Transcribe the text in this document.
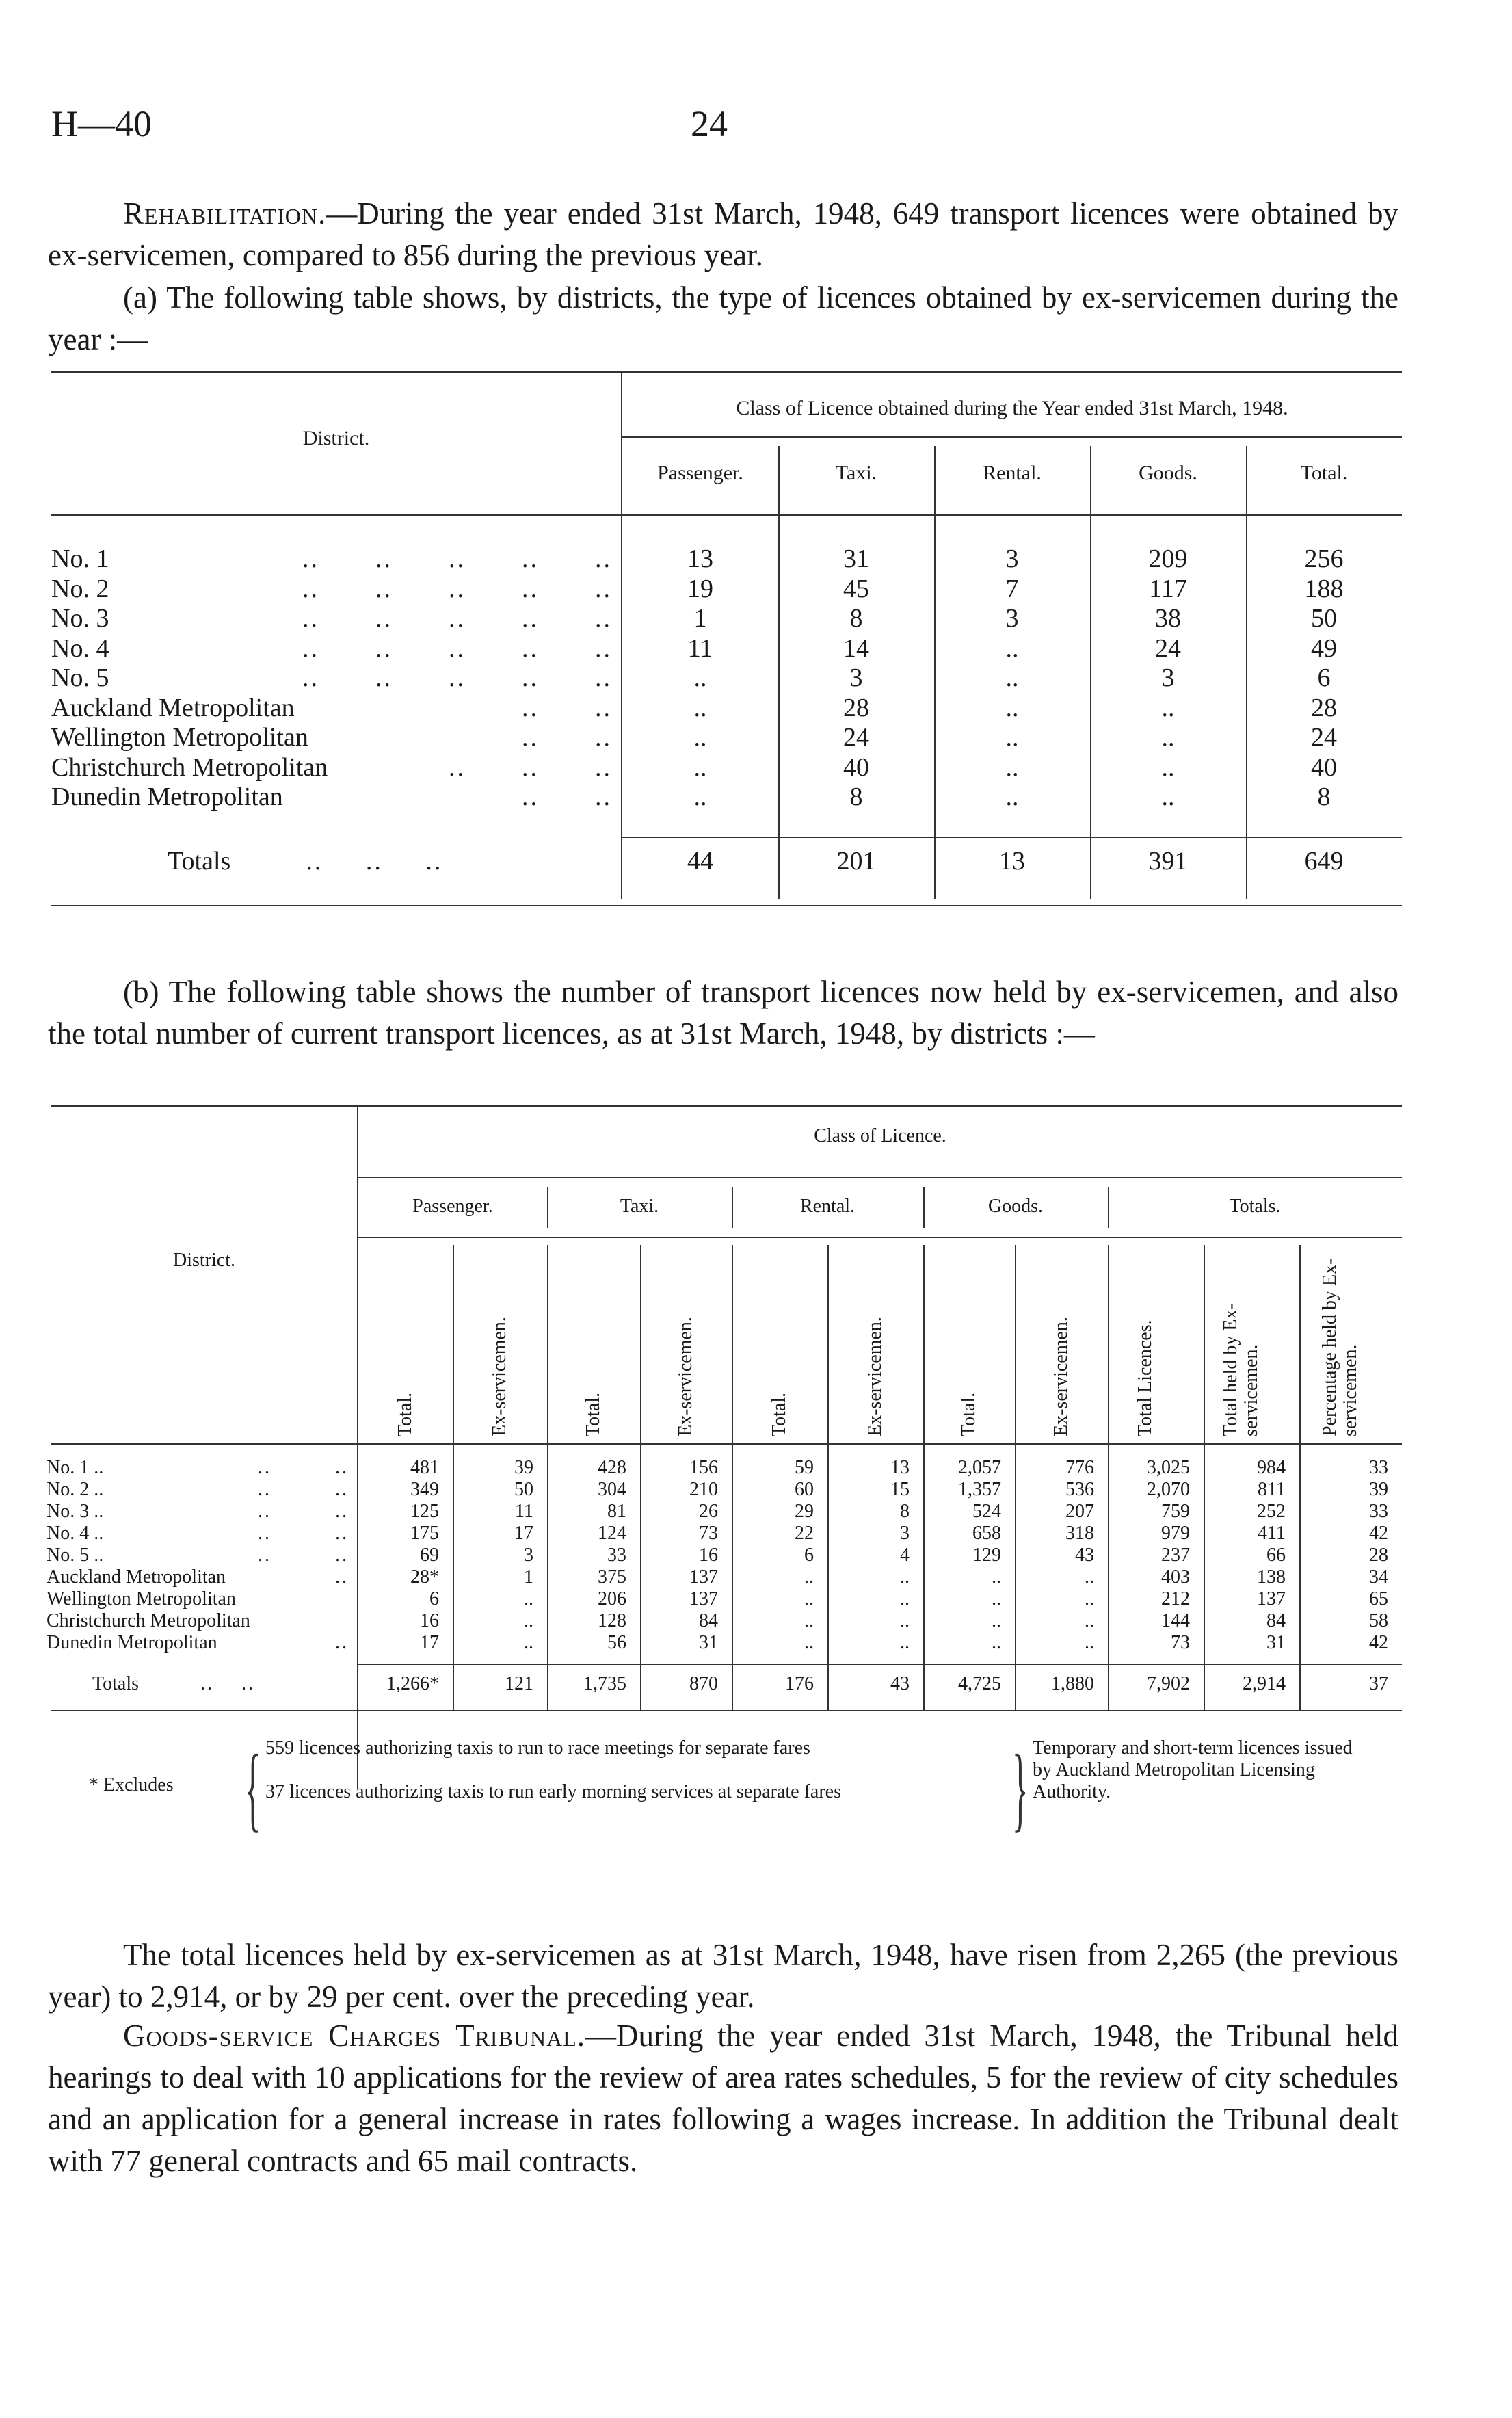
H—40	24
Rehabilitation.—During the year ended 31st March, 1948, 649 transport licences were obtained by ex-servicemen, compared to 856 during the previous year.
(a) The following table shows, by districts, the type of licences obtained by ex-servicemen during the year :—
District.
Class of Licence obtained during the Year ended 31st March, 1948.
Passenger.	Taxi.	Rental.	Goods.	Total.
No. 1	..  ..  ..  ..  ..	13	31	3	209	256
No. 2	..  ..  ..  ..  ..	19	45	7	117	188
No. 3	..  ..  ..  ..  ..	1	8	3	38	50
No. 4	..  ..  ..  ..  ..	11	14	..	24	49
No. 5	..  ..  ..  ..  ..	..	3	..	3	6
Auckland Metropolitan	..  ..	..	28	..	..	28
Wellington Metropolitan	..  ..	..	24	..	..	24
Christchurch Metropolitan	..  ..  ..	..	40	..	..	40
Dunedin Metropolitan	..  ..	..	8	..	..	8
Totals	..     ..     ..	44	201	13	391	649
(b) The following table shows the number of transport licences now held by ex-servicemen, and also the total number of current transport licences, as at 31st March, 1948, by districts :—
District.
Class of Licence.
Passenger.	Taxi.	Rental.	Goods.	Totals.
Total.	Ex-servicemen.	Total.	Ex-servicemen.	Total.	Ex-servicemen.	Total.	Ex-servicemen.	Total Licences.	Total held by Ex-servicemen.	Percentage held by Ex-servicemen.
No. 1 ..	..   ..	481	39	428	156	59	13	2,057	776	3,025	984	33
No. 2 ..	..   ..	349	50	304	210	60	15	1,357	536	2,070	811	39
No. 3 ..	..   ..	125	11	81	26	29	8	524	207	759	252	33
No. 4 ..	..   ..	175	17	124	73	22	3	658	318	979	411	42
No. 5 ..	..   ..	69	3	33	16	6	4	129	43	237	66	28
Auckland Metropolitan	..	28*	1	375	137	..	..	..	..	403	138	34
Wellington Metropolitan	6	..	206	137	..	..	..	..	212	137	65
Christchurch Metropolitan	16	..	128	84	..	..	..	..	144	84	58
Dunedin Metropolitan	..	17	..	56	31	..	..	..	..	73	31	42
Totals	..    ..	1,266*	121	1,735	870	176	43	4,725	1,880	7,902	2,914	37
* Excludes { 559 licences authorizing taxis to run to race meetings for separate fares
37 licences authorizing taxis to run early morning services at separate fares	} Temporary and short-term licences issued by Auckland Metropolitan Licensing Authority.
The total licences held by ex-servicemen as at 31st March, 1948, have risen from 2,265 (the previous year) to 2,914, or by 29 per cent. over the preceding year.
Goods-service Charges Tribunal.—During the year ended 31st March, 1948, the Tribunal held hearings to deal with 10 applications for the review of area rates schedules, 5 for the review of city schedules and an application for a general increase in rates following a wages increase. In addition the Tribunal dealt with 77 general contracts and 65 mail contracts.
